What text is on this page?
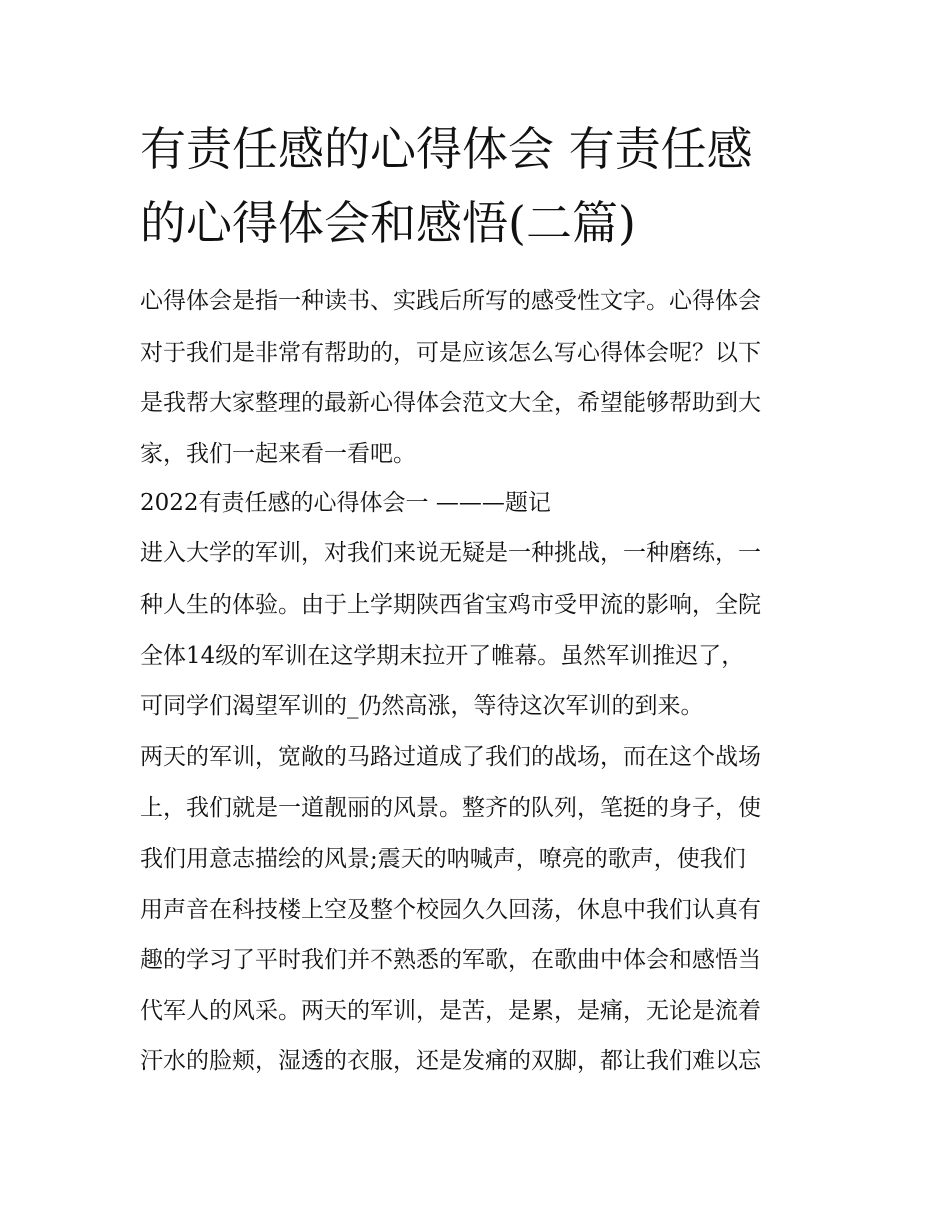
有责任感的心得体会 有责任感
的心得体会和感悟(二篇)

心得体会是指一种读书、实践后所写的感受性文字。心得体会

对于我们是非常有帮助的，可是应该怎么写心得体会呢？以下

是我帮大家整理的最新心得体会范文大全，希望能够帮助到大

家，我们一起来看一看吧。

2022有责任感的心得体会一 ———题记

进入大学的军训，对我们来说无疑是一种挑战，一种磨练，一

种人生的体验。由于上学期陕西省宝鸡市受甲流的影响，全院

全体14级的军训在这学期末拉开了帷幕。虽然军训推迟了，

可同学们渴望军训的_仍然高涨，等待这次军训的到来。

两天的军训，宽敞的马路过道成了我们的战场，而在这个战场

上，我们就是一道靓丽的风景。整齐的队列，笔挺的身子，使

我们用意志描绘的风景;震天的呐喊声，嘹亮的歌声，使我们

用声音在科技楼上空及整个校园久久回荡，休息中我们认真有

趣的学习了平时我们并不熟悉的军歌，在歌曲中体会和感悟当

代军人的风采。两天的军训，是苦，是累，是痛，无论是流着

汗水的脸颊，湿透的衣服，还是发痛的双脚，都让我们难以忘
